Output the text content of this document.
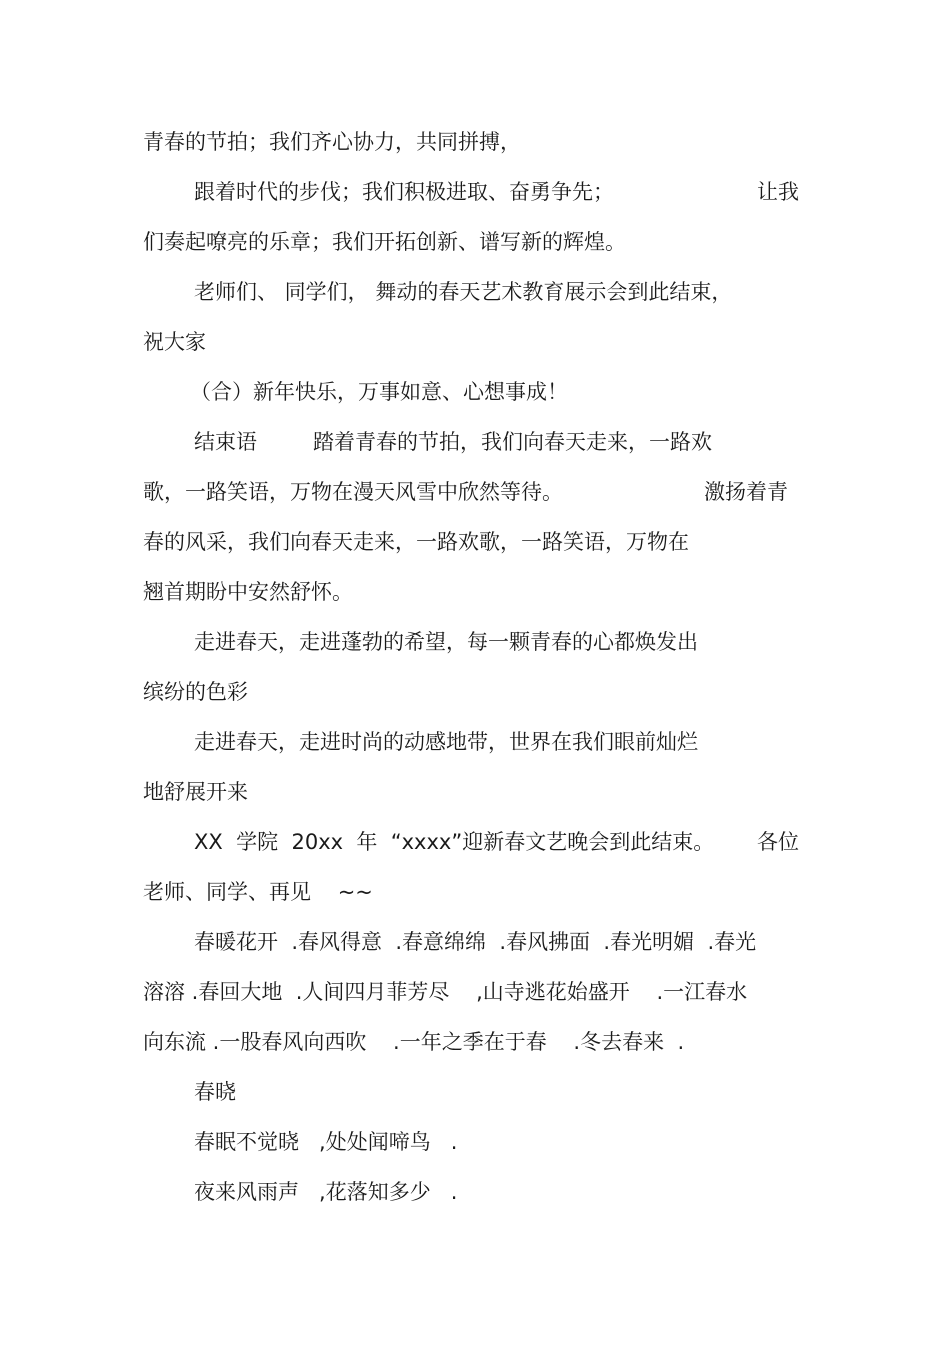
青春的节拍；我们齐心协力，共同拼搏，

跟着时代的步伐；我们积极进取、奋勇争先；	让我

们奏起嘹亮的乐章；我们开拓创新、谱写新的辉煌。

老师们、 同学们， 舞动的春天艺术教育展示会到此结束，

祝大家

（合）新年快乐，万事如意、心想事成！

结束语	踏着青春的节拍，我们向春天走来，一路欢

歌，一路笑语，万物在漫天风雪中欣然等待。	激扬着青

春的风采，我们向春天走来，一路欢歌，一路笑语，万物在

翘首期盼中安然舒怀。

走进春天，走进蓬勃的希望，每一颗青春的心都焕发出

缤纷的色彩

走进春天，走进时尚的动感地带，世界在我们眼前灿烂

地舒展开来

XX  学院  20xx  年  “xxxx”迎新春文艺晚会到此结束。 各位

老师、同学、再见    ~~

春暖花开  .春风得意  .春意绵绵  .春风拂面  .春光明媚  .春光

溶溶 .春回大地  .人间四月菲芳尽    ,山寺逃花始盛开    .一江春水

向东流 .一股春风向西吹    .一年之季在于春    .冬去春来  .

春晓

春眠不觉晓   ,处处闻啼鸟   .

夜来风雨声   ,花落知多少   .
